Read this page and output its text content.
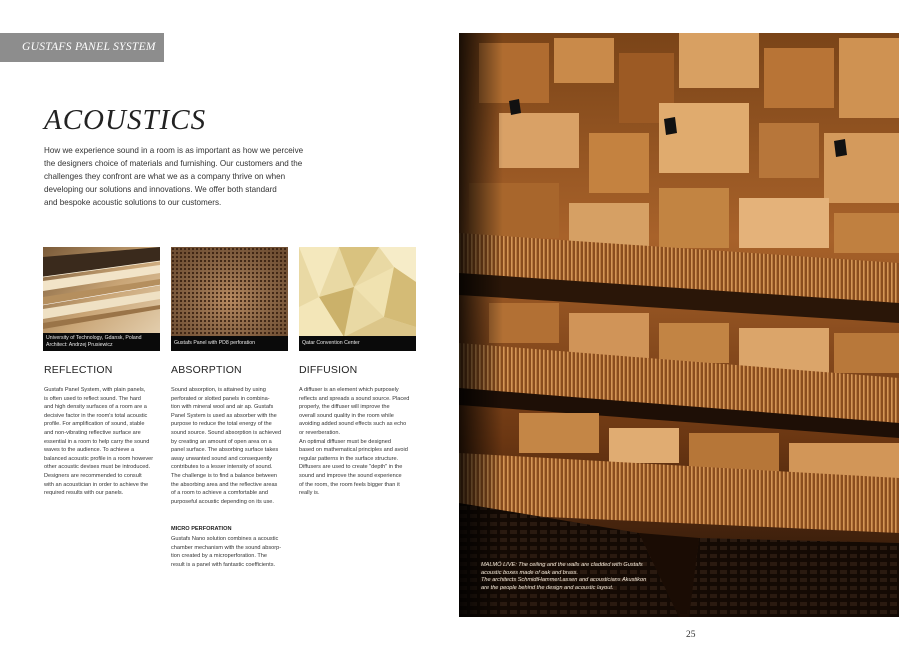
GUSTAFS PANEL SYSTEM
ACOUSTICS
How we experience sound in a room is as important as how we perceive
the designers choice of materials and furnishing. Our customers and the
challenges they confront are what we as a company thrive on when
developing our solutions and innovations. We offer both standard
and bespoke acoustic solutions to our customers.
University of Technology, Gdansk, Poland
Architect: Andrzej Prusiewicz	Gustafs Panel with PD8 perforation	Qatar Convention Center
REFLECTION	ABSORPTION	DIFFUSION
Gustafs Panel System, with plain panels,
is often used to reflect sound. The hard
and high density surfaces of a room are a
decisive factor in the room's total acoustic
profile. For amplification of sound, stable
and non-vibrating reflective surface are
essential in a room to help carry the sound
waves to the audience. To achieve a
balanced acoustic profile in a room however
other acoustic devises must be introduced.
Designers are recommended to consult
with an acoustician in order to achieve the
required results with our panels.
Sound absorption, is attained by using
perforated or slotted panels in combina-
tion with mineral wool and air ap. Gustafs
Panel System is used as absorber with the
purpose to reduce the total energy of the
sound source. Sound absorption is achieved
by creating an amount of open area on a
panel surface. The absorbing surface takes
away unwanted sound and consequently
contributes to a lesser intensity of sound.
The challenge is to find a balance between
the absorbing area and the reflective areas
of a room to achieve a comfortable and
purposeful acoustic depending on its use.
A diffuser is an element which purposely
reflects and spreads a sound source. Placed
properly, the diffuser will improve the
overall sound quality in the room while
avoiding added sound effects such as echo
or reverberation.
An optimal diffuser must be designed
based on mathematical principles and avoid
regular patterns in the surface structure.
Diffusers are used to create "depth" in the
sound and improve the sound experience
of the room, the room feels bigger than it
really is.
MICRO PERFORATION
Gustafs Nano solution combines a acoustic
chamber mechanism with the sound absorp-
tion created by a microperforation. The
result is a panel with fantastic coefficients.	MALMÖ LIVE: The ceiling and the walls are cladded with Gustafs
acoustic boxes made of oak and brass.
The architects SchmidtHammerLassen and acousticians Akustikon
are the people behind the design and acoustic layout.
25
